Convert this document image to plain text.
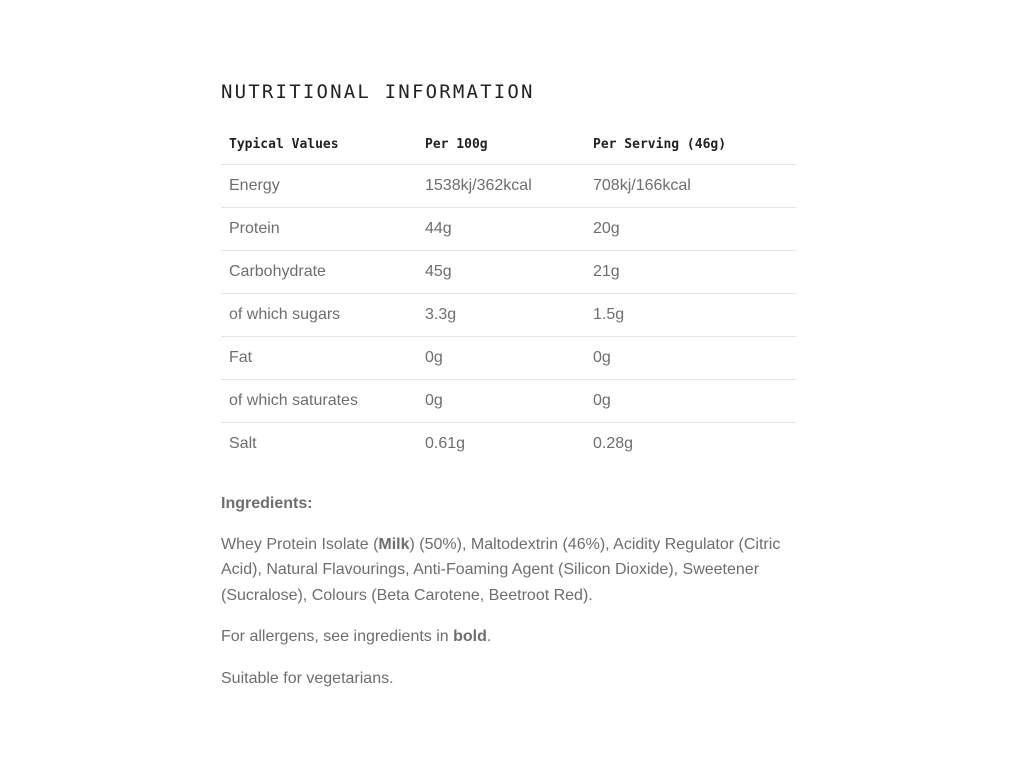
NUTRITIONAL INFORMATION
Typical Values	Per 100g	Per Serving (46g)
Energy	1538kj/362kcal	708kj/166kcal
Protein	44g	20g
Carbohydrate	45g	21g
of which sugars	3.3g	1.5g
Fat	0g	0g
of which saturates	0g	0g
Salt	0.61g	0.28g

Ingredients:

Whey Protein Isolate (Milk) (50%), Maltodextrin (46%), Acidity Regulator (Citric Acid), Natural Flavourings, Anti-Foaming Agent (Silicon Dioxide), Sweetener (Sucralose), Colours (Beta Carotene, Beetroot Red).

For allergens, see ingredients in bold.

Suitable for vegetarians.
